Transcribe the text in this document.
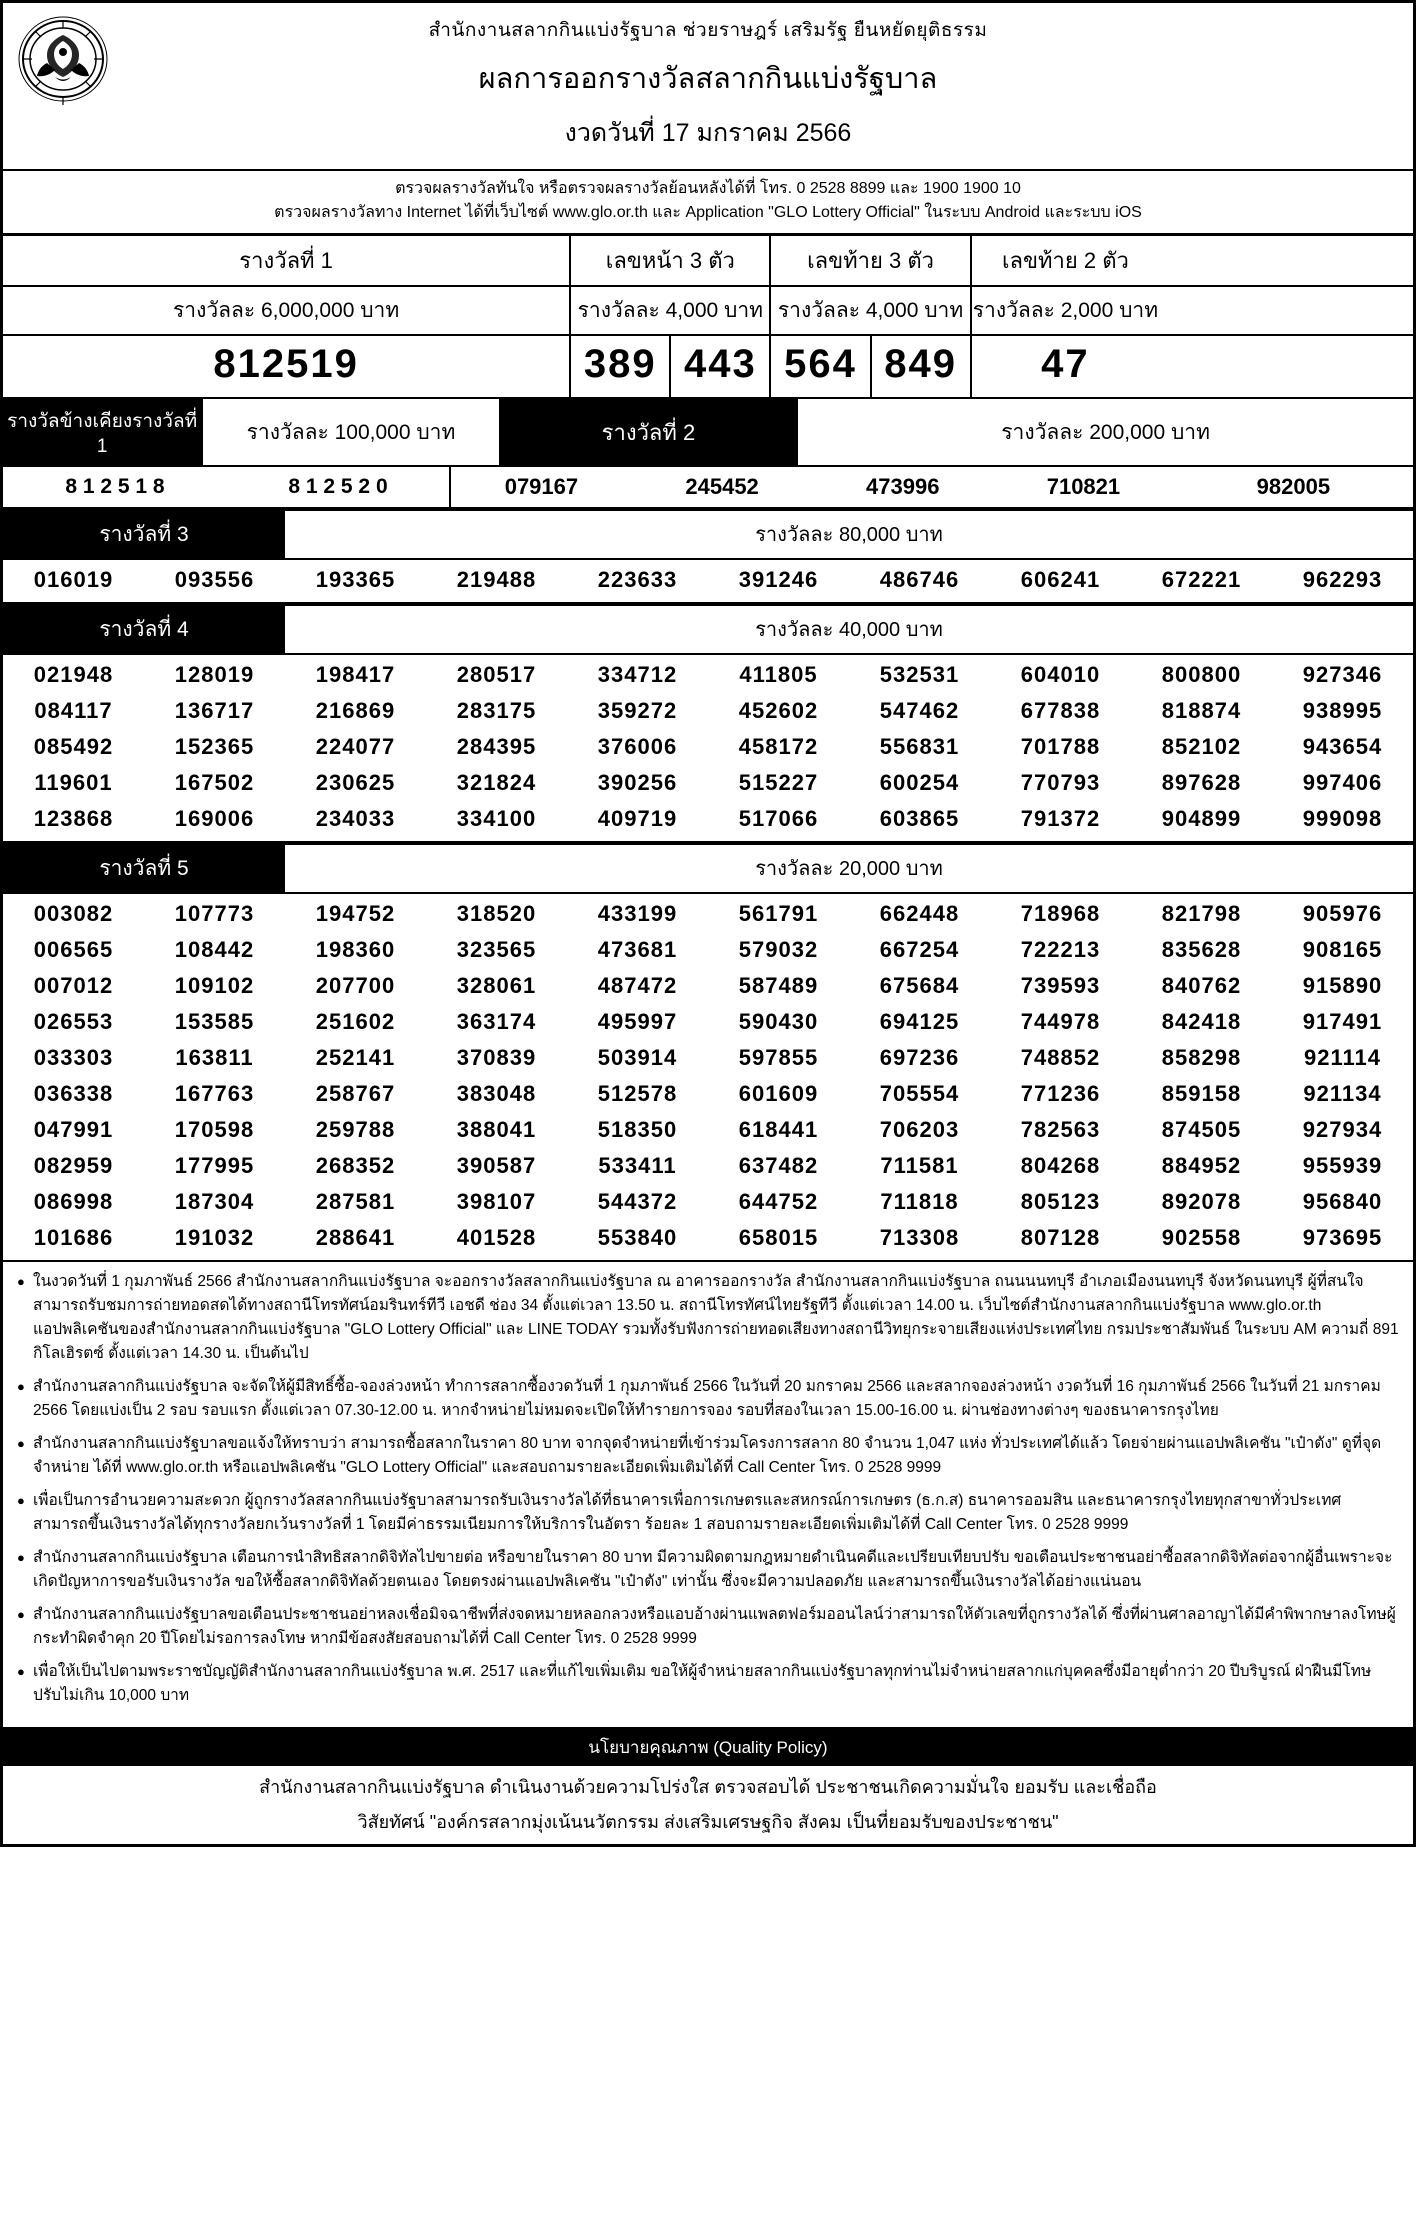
สำนักงานสลากกินแบ่งรัฐบาล ช่วยราษฎร์ เสริมรัฐ ยืนหยัดยุติธรรม
ผลการออกรางวัลสลากกินแบ่งรัฐบาล
งวดวันที่ 17 มกราคม 2566
ตรวจผลรางวัลทันใจ หรือตรวจผลรางวัลย้อนหลังได้ที่ โทร. 0 2528 8899 และ 1900 1900 10
ตรวจผลรางวัลทาง Internet ได้ที่เว็บไซต์ www.glo.or.th และ Application "GLO Lottery Official" ในระบบ Android และระบบ iOS
รางวัลที่ 1	เลขหน้า 3 ตัว	เลขท้าย 3 ตัว	เลขท้าย 2 ตัว
รางวัลละ 6,000,000 บาท	รางวัลละ 4,000 บาท รางวัลละ 4,000 บาท รางวัลละ 2,000 บาท
812519	389 443 564 849	47
รางวัลข้างเคียงรางวัลที่ 1
รางวัลละ 100,000 บาท	รางวัลที่ 2	รางวัลละ 200,000 บาท
8 1 2 5 1 8	8 1 2 5 2 0	079167	245452	473996	710821	982005
รางวัลที่ 3	รางวัลละ 80,000 บาท
016019	093556	193365	219488	223633	391246	486746	606241	672221	962293
รางวัลที่ 4	รางวัลละ 40,000 บาท
021948	128019	198417	280517	334712	411805	532531	604010	800800	927346
084117	136717	216869	283175	359272	452602	547462	677838	818874	938995
085492	152365	224077	284395	376006	458172	556831	701788	852102	943654
119601	167502	230625	321824	390256	515227	600254	770793	897628	997406
123868	169006	234033	334100	409719	517066	603865	791372	904899	999098
รางวัลที่ 5	รางวัลละ 20,000 บาท
003082	107773	194752	318520	433199	561791	662448	718968	821798	905976
006565	108442	198360	323565	473681	579032	667254	722213	835628	908165
007012	109102	207700	328061	487472	587489	675684	739593	840762	915890
026553	153585	251602	363174	495997	590430	694125	744978	842418	917491
033303	163811	252141	370839	503914	597855	697236	748852	858298	921114
036338	167763	258767	383048	512578	601609	705554	771236	859158	921134
047991	170598	259788	388041	518350	618441	706203	782563	874505	927934
082959	177995	268352	390587	533411	637482	711581	804268	884952	955939
086998	187304	287581	398107	544372	644752	711818	805123	892078	956840
101686	191032	288641	401528	553840	658015	713308	807128	902558	973695
● ในงวดวันที่ 1 กุมภาพันธ์ 2566 สำนักงานสลากกินแบ่งรัฐบาล จะออกรางวัลสลากกินแบ่งรัฐบาล ณ อาคารออกรางวัล สำนักงานสลากกินแบ่งรัฐบาล ถนนนนทบุรี อำเภอเมืองนนทบุรี จังหวัดนนทบุรี ผู้ที่สนใจสามารถรับชมการถ่ายทอดสดได้ทางสถานีโทรทัศน์อมรินทร์ทีวี เอชดี ช่อง 34 ตั้งแต่เวลา 13.50 น. สถานีโทรทัศน์ไทยรัฐทีวี ตั้งแต่เวลา 14.00 น. เว็บไซต์สำนักงานสลากกินแบ่งรัฐบาล www.glo.or.th แอปพลิเคชันของสำนักงานสลากกินแบ่งรัฐบาล "GLO Lottery Official" และ LINE TODAY รวมทั้งรับฟังการถ่ายทอดเสียงทางสถานีวิทยุกระจายเสียงแห่งประเทศไทย กรมประชาสัมพันธ์ ในระบบ AM ความถี่ 891 กิโลเฮิรตซ์ ตั้งแต่เวลา 14.30 น. เป็นต้นไป

● สำนักงานสลากกินแบ่งรัฐบาล จะจัดให้ผู้มีสิทธิ์ซื้อ-จองล่วงหน้า ทำการสลากซื้องวดวันที่ 1 กุมภาพันธ์ 2566 ในวันที่ 20 มกราคม 2566 และสลากจองล่วงหน้า งวดวันที่ 16 กุมภาพันธ์ 2566 ในวันที่ 21 มกราคม 2566 โดยแบ่งเป็น 2 รอบ รอบแรก ตั้งแต่เวลา 07.30-12.00 น. หากจำหน่ายไม่หมดจะเปิดให้ทำรายการจอง รอบที่สองในเวลา 15.00-16.00 น. ผ่านช่องทางต่างๆ ของธนาคารกรุงไทย

● สำนักงานสลากกินแบ่งรัฐบาลขอแจ้งให้ทราบว่า สามารถซื้อสลากในราคา 80 บาท จากจุดจำหน่ายที่เข้าร่วมโครงการสลาก 80 จำนวน 1,047 แห่ง ทั่วประเทศได้แล้ว โดยจ่ายผ่านแอปพลิเคชัน "เป๋าตัง" ดูที่จุดจำหน่าย ได้ที่ www.glo.or.th หรือแอปพลิเคชัน "GLO Lottery Official" และสอบถามรายละเอียดเพิ่มเติมได้ที่ Call Center โทร. 0 2528 9999

● เพื่อเป็นการอำนวยความสะดวก ผู้ถูกรางวัลสลากกินแบ่งรัฐบาลสามารถรับเงินรางวัลได้ที่ธนาคารเพื่อการเกษตรและสหกรณ์การเกษตร (ธ.ก.ส) ธนาคารออมสิน และธนาคารกรุงไทยทุกสาขาทั่วประเทศ สามารถขึ้นเงินรางวัลได้ทุกรางวัลยกเว้นรางวัลที่ 1 โดยมีค่าธรรมเนียมการให้บริการในอัตรา ร้อยละ 1 สอบถามรายละเอียดเพิ่มเติมได้ที่ Call Center โทร. 0 2528 9999

● สำนักงานสลากกินแบ่งรัฐบาล เตือนการนำสิทธิสลากดิจิทัลไปขายต่อ หรือขายในราคา 80 บาท มีความผิดตามกฎหมายดำเนินคดีและเปรียบเทียบปรับ ขอเตือนประชาชนอย่าซื้อสลากดิจิทัลต่อจากผู้อื่นเพราะจะเกิดปัญหาการขอรับเงินรางวัล ขอให้ซื้อสลากดิจิทัลด้วยตนเอง โดยตรงผ่านแอปพลิเคชัน "เป๋าตัง" เท่านั้น ซึ่งจะมีความปลอดภัย และสามารถขึ้นเงินรางวัลได้อย่างแน่นอน

● สำนักงานสลากกินแบ่งรัฐบาลขอเตือนประชาชนอย่าหลงเชื่อมิจฉาชีพที่ส่งจดหมายหลอกลวงหรือแอบอ้างผ่านแพลตฟอร์มออนไลน์ว่าสามารถให้ตัวเลขที่ถูกรางวัลได้ ซึ่งที่ผ่านศาลอาญาได้มีคำพิพากษาลงโทษผู้กระทำผิดจำคุก 20 ปีโดยไม่รอการลงโทษ หากมีข้อสงสัยสอบถามได้ที่ Call Center โทร. 0 2528 9999

● เพื่อให้เป็นไปตามพระราชบัญญัติสำนักงานสลากกินแบ่งรัฐบาล พ.ศ. 2517 และที่แก้ไขเพิ่มเติม ขอให้ผู้จำหน่ายสลากกินแบ่งรัฐบาลทุกท่านไม่จำหน่ายสลากแก่บุคคลซึ่งมีอายุต่ำกว่า 20 ปีบริบูรณ์ ฝ่าฝืนมีโทษปรับไม่เกิน 10,000 บาท

นโยบายคุณภาพ (Quality Policy)
สำนักงานสลากกินแบ่งรัฐบาล ดำเนินงานด้วยความโปร่งใส ตรวจสอบได้ ประชาชนเกิดความมั่นใจ ยอมรับ และเชื่อถือ
วิสัยทัศน์ "องค์กรสลากมุ่งเน้นนวัตกรรม ส่งเสริมเศรษฐกิจ สังคม เป็นที่ยอมรับของประชาชน"
